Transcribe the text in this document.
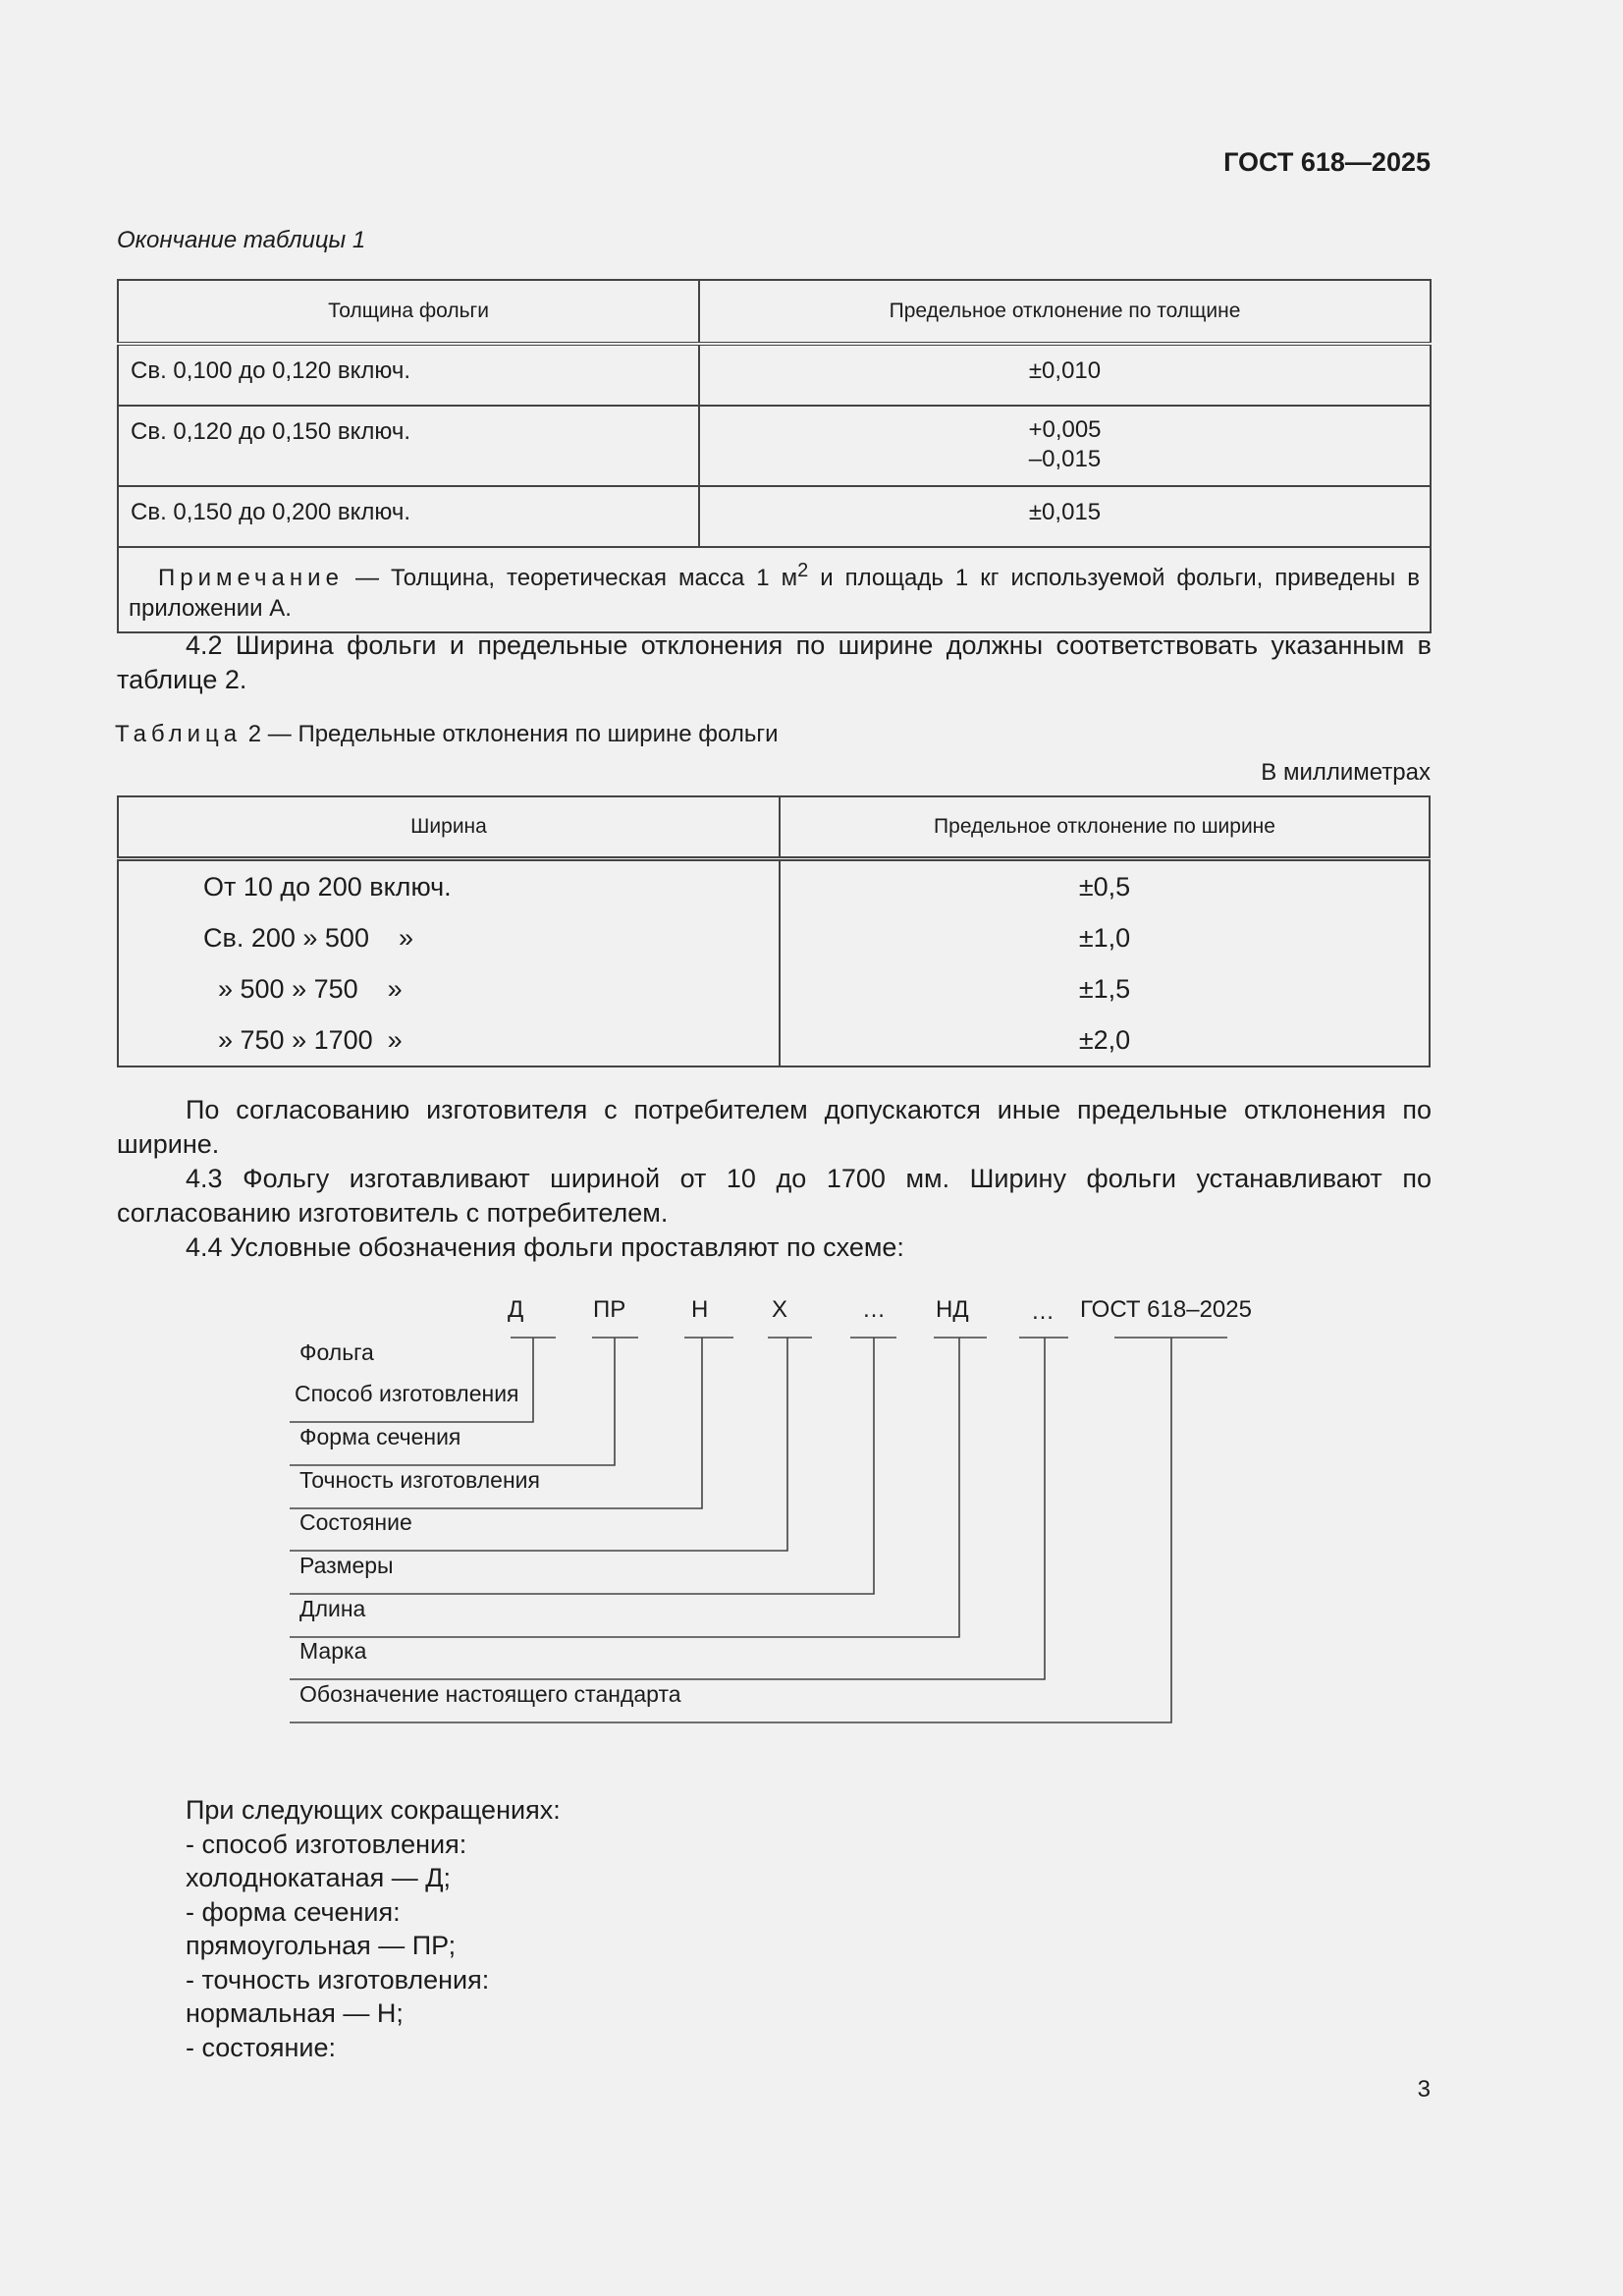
ГОСТ 618—2025
Окончание таблицы 1
Толщина фольги	Предельное отклонение по толщине
Св. 0,100 до 0,120 включ.	±0,010
Св. 0,120 до 0,150 включ.	+0,005
–0,015

Св. 0,150 до 0,200 включ.	±0,015
Примечание — Толщина, теоретическая масса 1 $м^2$ и площадь 1 кг используемой фольги, приведены в приложении А.	
4.2 Ширина фольги и предельные отклонения по ширине должны соответствовать указанным в таблице 2.
Таблица 2 — Предельные отклонения по ширине фольги
В миллиметрах
Ширина	Предельное отклонение по ширине
От 10 до 200 включ.	±0,5
Св. 200 » 500    »	±1,0
» 500 » 750    »	±1,5
» 750 » 1700  »	±2,0
По согласованию изготовителя с потребителем допускаются иные предельные отклонения по ширине.
4.3 Фольгу изготавливают шириной от 10 до 1700 мм. Ширину фольги устанавливают по согласованию изготовитель с потребителем.
4.4 Условные обозначения фольги проставляют по схеме:
Д	ПР	Н	Х	… НД	… ГОСТ 618–2025
Фольга
Способ изготовления
Форма сечения
Точность изготовления
Состояние
Размеры
Длина
Марка
Обозначение настоящего стандарта
При следующих сокращениях:
- способ изготовления:
холоднокатаная — Д;
- форма сечения:
прямоугольная — ПР;
- точность изготовления:
нормальная — Н;
- состояние:
3
